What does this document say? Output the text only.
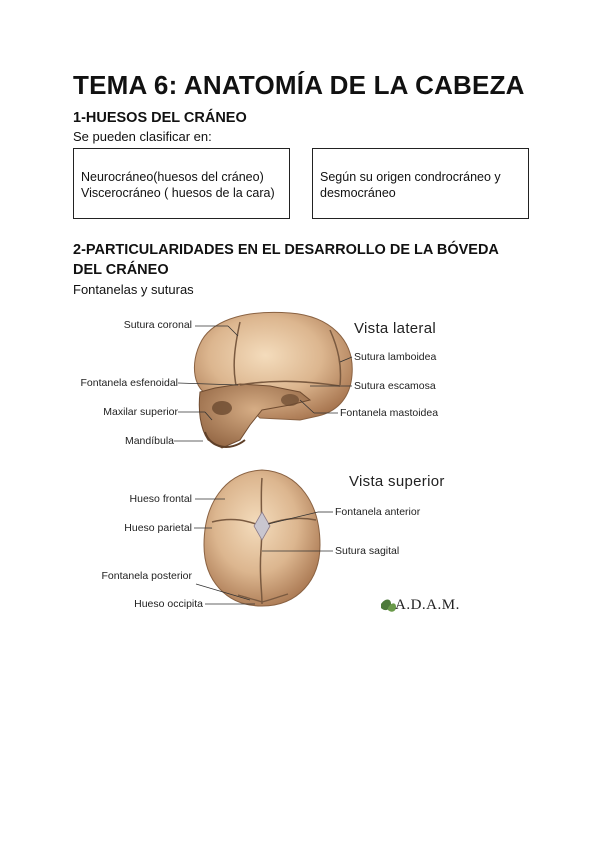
TEMA 6: ANATOMÍA DE LA CABEZA
1-HUESOS DEL CRÁNEO
Se pueden clasificar en:
Neurocráneo(huesos del cráneo)
Viscerocráneo ( huesos de la cara)
Según su origen condrocráneo y
desmocráneo
2-PARTICULARIDADES EN EL DESARROLLO DE LA BÓVEDA
DEL CRÁNEO
Fontanelas y suturas
Vista lateral
Vista superior
Sutura coronal
Fontanela esfenoidal
Maxilar superior
Mandíbula
Sutura lamboidea
Sutura escamosa
Fontanela mastoidea
Hueso frontal
Hueso parietal
Fontanela posterior
Hueso occipita
Fontanela anterior
Sutura sagital
A.D.A.M.
